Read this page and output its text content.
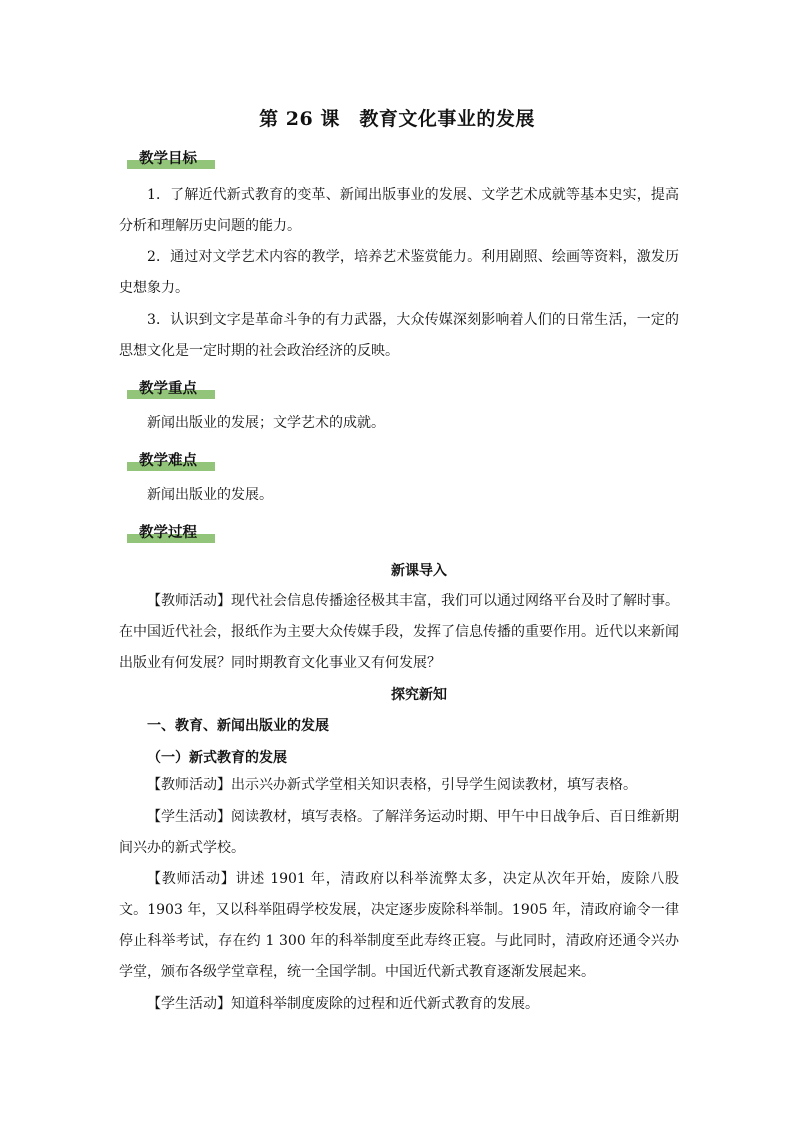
第 26 课　教育文化事业的发展
教学目标

1．了解近代新式教育的变革、新闻出版事业的发展、文学艺术成就等基本史实，提高分析和理解历史问题的能力。

2．通过对文学艺术内容的教学，培养艺术鉴赏能力。利用剧照、绘画等资料，激发历史想象力。

3．认识到文字是革命斗争的有力武器，大众传媒深刻影响着人们的日常生活，一定的思想文化是一定时期的社会政治经济的反映。

教学重点

新闻出版业的发展；文学艺术的成就。

教学难点

新闻出版业的发展。

教学过程
新课导入

【教师活动】现代社会信息传播途径极其丰富，我们可以通过网络平台及时了解时事。在中国近代社会，报纸作为主要大众传媒手段，发挥了信息传播的重要作用。近代以来新闻出版业有何发展？同时期教育文化事业又有何发展？

探究新知
一、教育、新闻出版业的发展
（一）新式教育的发展

【教师活动】出示兴办新式学堂相关知识表格，引导学生阅读教材，填写表格。

【学生活动】阅读教材，填写表格。了解洋务运动时期、甲午中日战争后、百日维新期间兴办的新式学校。

【教师活动】讲述 1901 年，清政府以科举流弊太多，决定从次年开始，废除八股文。1903 年，又以科举阻碍学校发展，决定逐步废除科举制。1905 年，清政府谕令一律停止科举考试，存在约 1 300 年的科举制度至此寿终正寝。与此同时，清政府还通令兴办学堂，颁布各级学堂章程，统一全国学制。中国近代新式教育逐渐发展起来。

【学生活动】知道科举制度废除的过程和近代新式教育的发展。
